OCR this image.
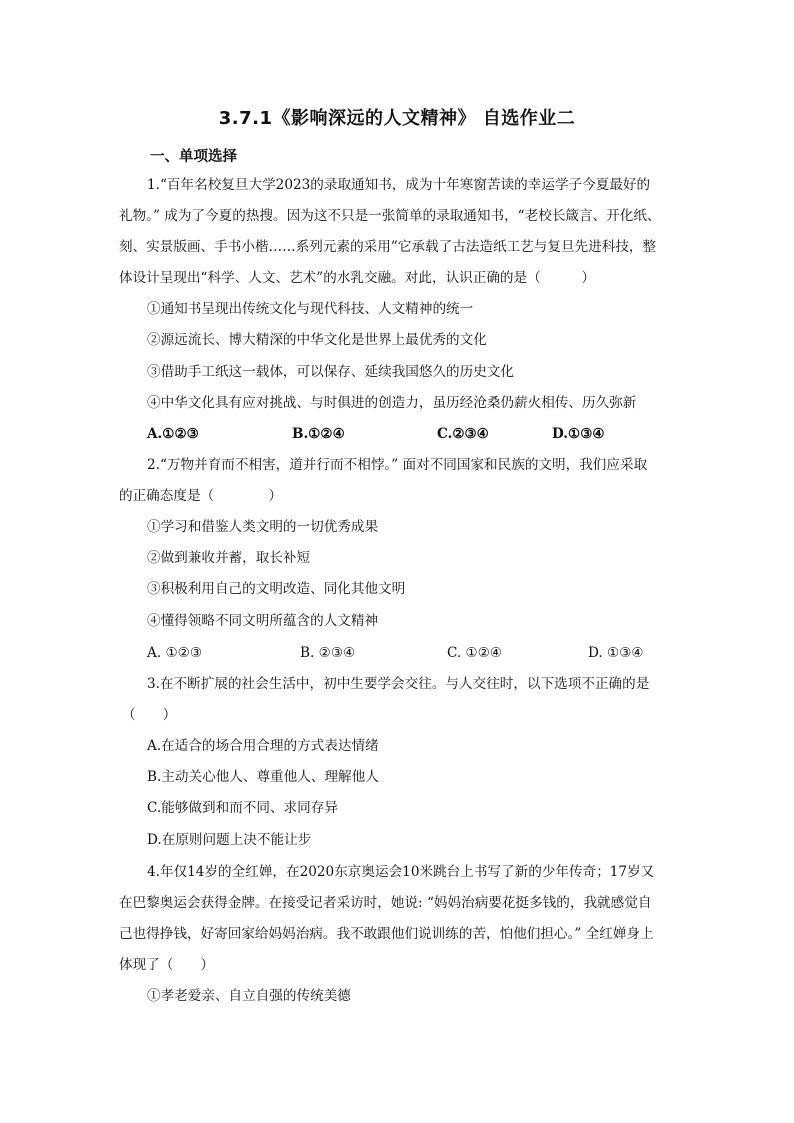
3.7.1《影响深远的人文精神》 自选作业二
一、单项选择
1.“百年名校复旦大学2023的录取通知书，成为十年寒窗苦读的幸运学子今夏最好的
礼物。” 成为了今夏的热搜。因为这不只是一张简单的录取通知书，“老校长箴言、开化纸、
刻、实景版画、手书小楷……系列元素的采用”它承载了古法造纸工艺与复旦先进科技，整
体设计呈现出“科学、人文、艺术”的水乳交融。对此，认识正确的是（　　　）
①通知书呈现出传统文化与现代科技、人文精神的统一
②源远流长、博大精深的中华文化是世界上最优秀的文化
③借助手工纸这一载体，可以保存、延续我国悠久的历史文化
④中华文化具有应对挑战、与时俱进的创造力，虽历经沧桑仍薪火相传、历久弥新
A.①②③	B.①②④	C.②③④	D.①③④
2.“万物并育而不相害，道并行而不相悖。” 面对不同国家和民族的文明，我们应采取
的正确态度是（　　　　）
①学习和借鉴人类文明的一切优秀成果
②做到兼收并蓄，取长补短
③积极利用自己的文明改造、同化其他文明
④懂得领略不同文明所蕴含的人文精神
A. ①②③	B. ②③④	C. ①②④	D. ①③④
3.在不断扩展的社会生活中，初中生要学会交往。与人交往时，以下选项不正确的是
（　　）
A.在适合的场合用合理的方式表达情绪
B.主动关心他人、尊重他人、理解他人
C.能够做到和而不同、求同存异
D.在原则问题上决不能让步
4.年仅14岁的全红婵，在2020东京奥运会10米跳台上书写了新的少年传奇；17岁又
在巴黎奥运会获得金牌。在接受记者采访时，她说: “妈妈治病要花挺多钱的，我就感觉自
己也得挣钱，好寄回家给妈妈治病。我不敢跟他们说训练的苦，怕他们担心。” 全红婵身上
体现了（　　）
①孝老爱亲、自立自强的传统美德
